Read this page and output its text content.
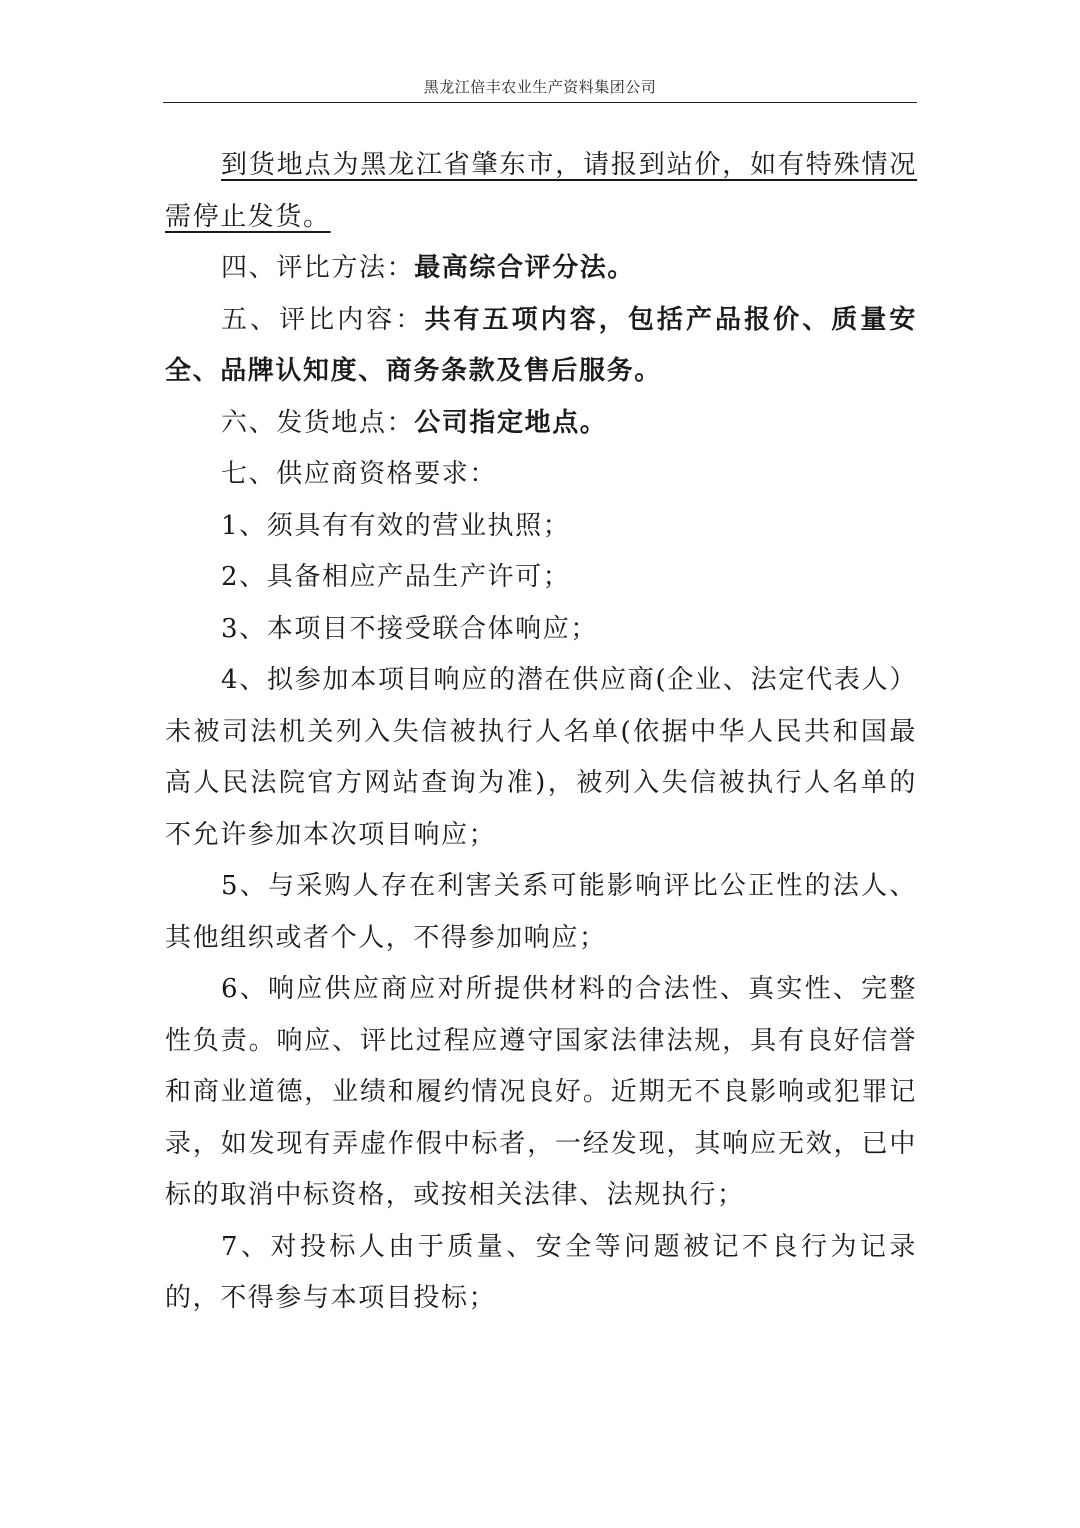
黑龙江倍丰农业生产资料集团公司

到货地点为黑龙江省肇东市，请报到站价，如有特殊情况需停止发货。

四、评比方法：最高综合评分法。

五、评比内容：共有五项内容，包括产品报价、质量安全、品牌认知度、商务条款及售后服务。

六、发货地点：公司指定地点。

七、供应商资格要求：

1、须具有有效的营业执照；

2、具备相应产品生产许可；

3、本项目不接受联合体响应；

4、拟参加本项目响应的潜在供应商(企业、法定代表人）未被司法机关列入失信被执行人名单(依据中华人民共和国最高人民法院官方网站查询为准)，被列入失信被执行人名单的不允许参加本次项目响应；

5、与采购人存在利害关系可能影响评比公正性的法人、其他组织或者个人，不得参加响应；

6、响应供应商应对所提供材料的合法性、真实性、完整性负责。响应、评比过程应遵守国家法律法规，具有良好信誉和商业道德，业绩和履约情况良好。近期无不良影响或犯罪记录，如发现有弄虚作假中标者，一经发现，其响应无效，已中标的取消中标资格，或按相关法律、法规执行；

7、对投标人由于质量、安全等问题被记不良行为记录的，不得参与本项目投标；
